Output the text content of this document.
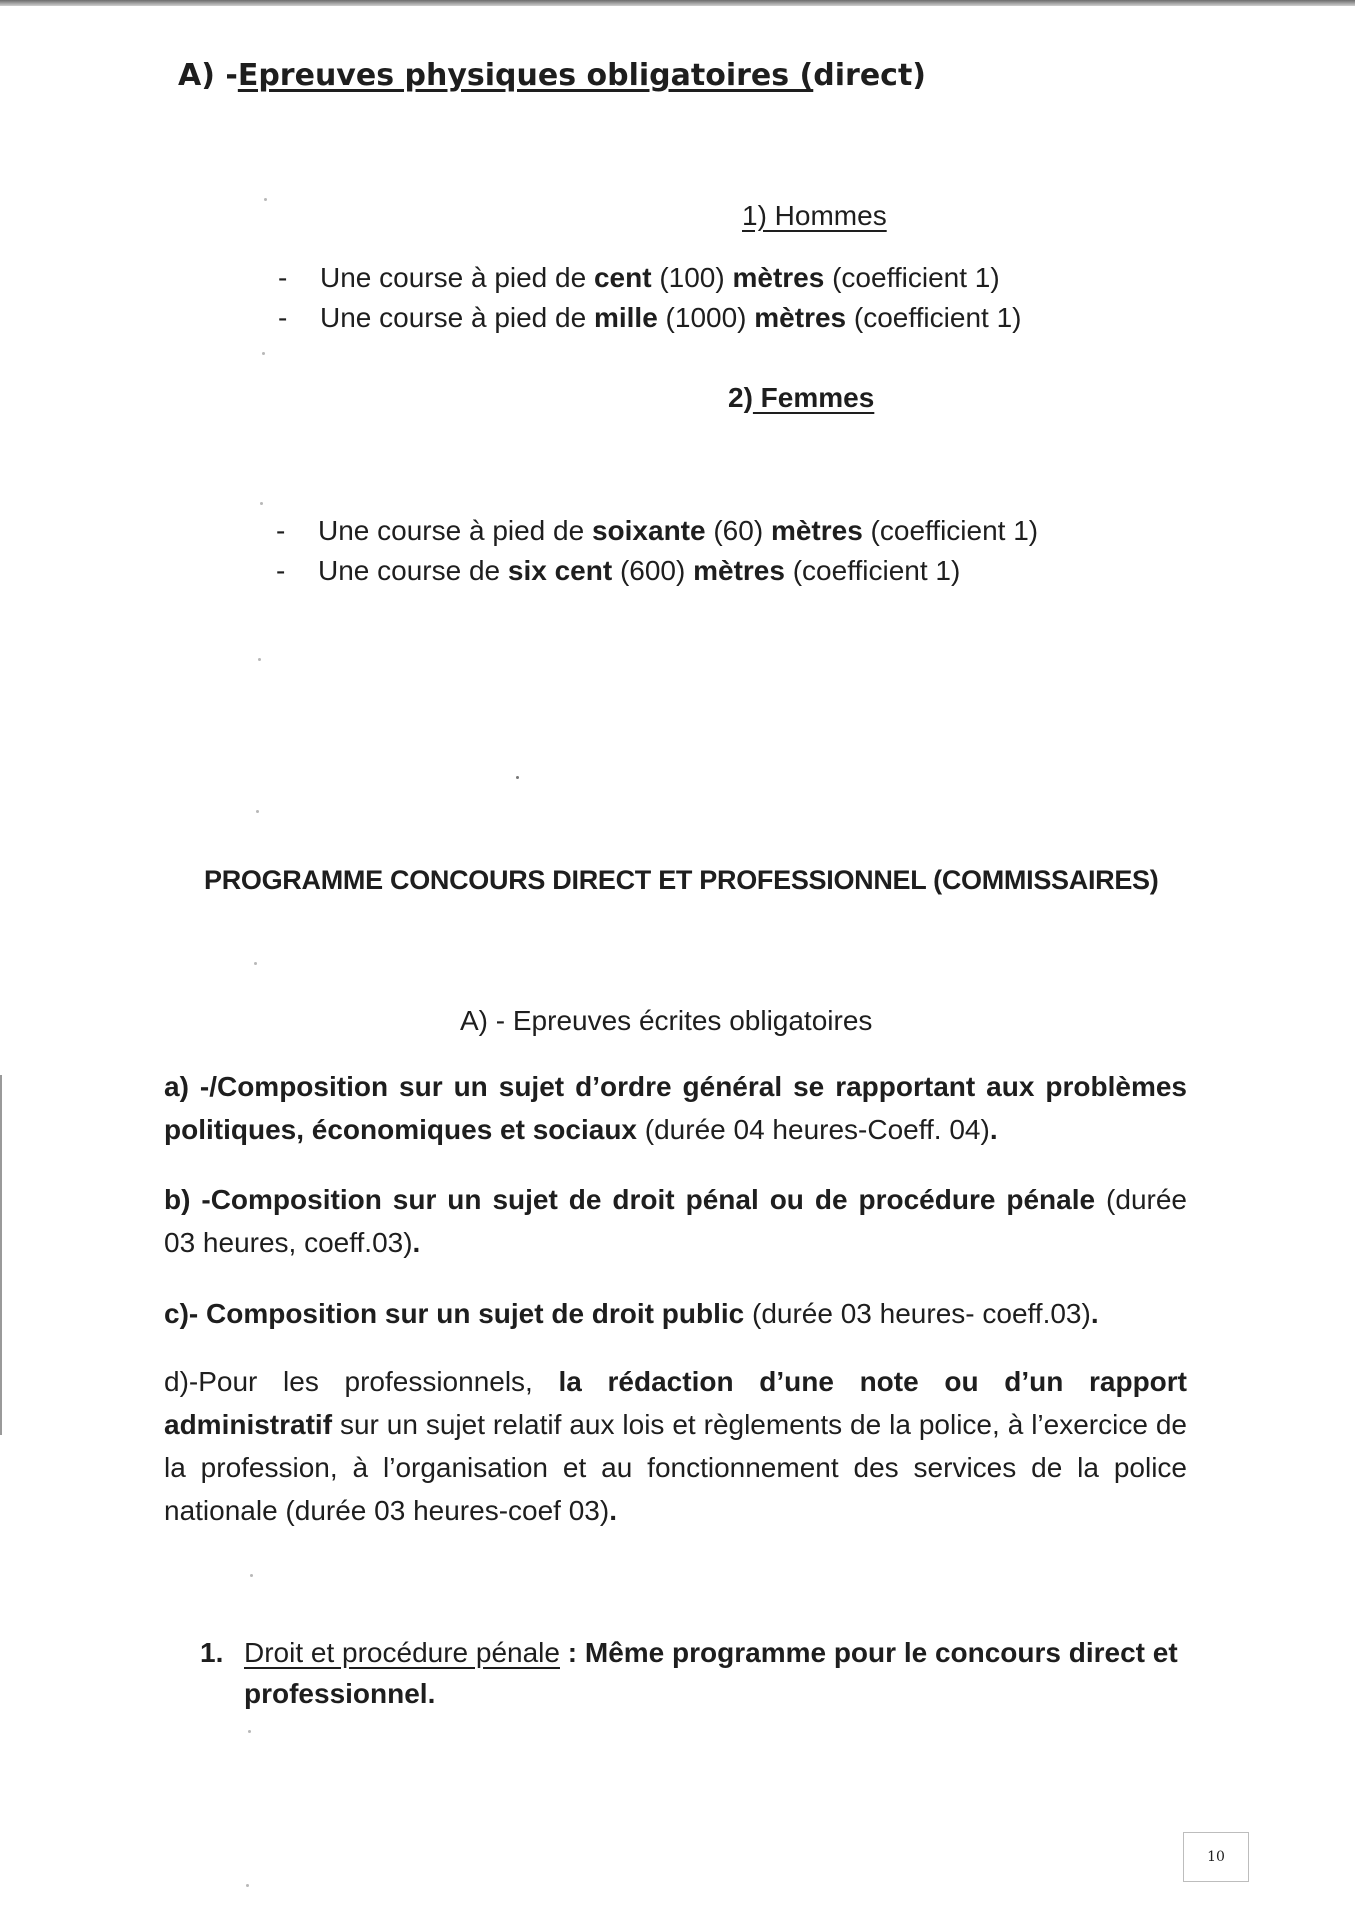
A) -Epreuves physiques obligatoires (direct)
1) Hommes
-	Une course à pied de cent (100) mètres (coefficient 1)
-	Une course à pied de mille (1000) mètres (coefficient 1)
2) Femmes
-	Une course à pied de soixante (60) mètres (coefficient 1)
-	Une course de six cent (600) mètres (coefficient 1)
PROGRAMME CONCOURS DIRECT ET PROFESSIONNEL (COMMISSAIRES)
A) - Epreuves écrites obligatoires
a) -/Composition sur un sujet d’ordre général se rapportant aux problèmes politiques, économiques et sociaux (durée 04 heures-Coeff. 04).
b) -Composition sur un sujet de droit pénal ou de procédure pénale (durée 03 heures, coeff.03).
c)- Composition sur un sujet de droit public (durée 03 heures- coeff.03).
d)-Pour les professionnels, la rédaction d’une note ou d’un rapport administratif sur un sujet relatif aux lois et règlements de la police, à l’exercice de la profession, à l’organisation et au fonctionnement des services de la police nationale (durée 03 heures-coef 03).
1. Droit et procédure pénale : Même programme pour le concours direct et professionnel.
10
